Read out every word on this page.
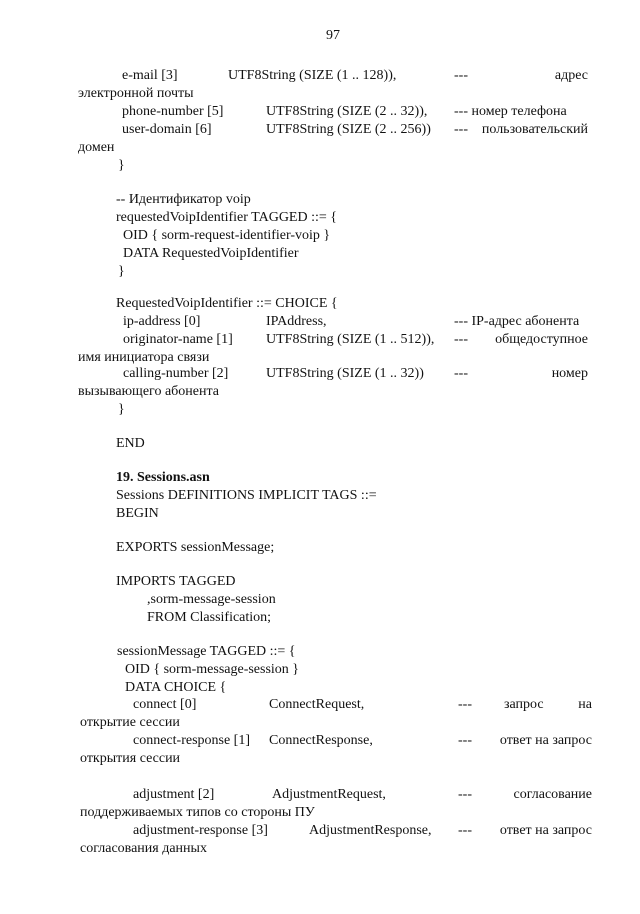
97
e-mail [3]	UTF8String (SIZE (1 .. 128)),	---	адрес
электронной почты
phone-number [5]	UTF8String (SIZE (2 .. 32)), --- номер телефона
user-domain [6]	UTF8String (SIZE (2 .. 256)) --- пользовательский
домен
}
-- Идентификатор voip
requestedVoipIdentifier TAGGED ::= {
OID { sorm-request-identifier-voip }
DATA RequestedVoipIdentifier
}
RequestedVoipIdentifier ::= CHOICE {
ip-address [0]	IPAddress,	--- IP-адрес абонента
originator-name [1] UTF8String (SIZE (1 .. 512)), --- общедоступное
имя инициатора связи
calling-number [2]	UTF8String (SIZE (1 .. 32)) ---	номер
вызывающего абонента
}
END
19. Sessions.asn
Sessions DEFINITIONS IMPLICIT TAGS ::=
BEGIN
EXPORTS sessionMessage;
IMPORTS TAGGED
,sorm-message-session
FROM Classification;
sessionMessage TAGGED ::= {
OID { sorm-message-session }
DATA CHOICE {
connect [0]	ConnectRequest,	--- запрос на
открытие сессии
connect-response [1] ConnectResponse,	--- ответ на запрос
открытия сессии
adjustment [2]	AdjustmentRequest,	---	согласование
поддерживаемых типов со стороны ПУ
adjustment-response [3]	AdjustmentResponse, --- ответ на запрос
согласования данных
